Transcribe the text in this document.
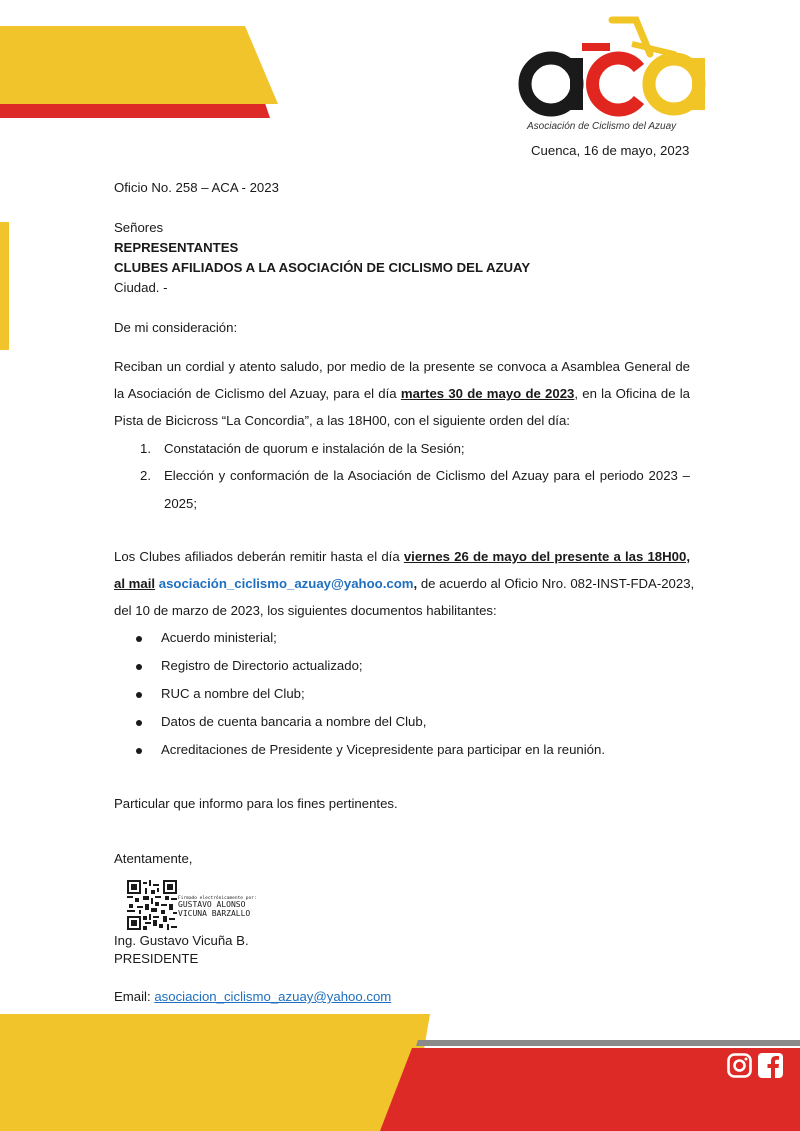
Asociación de Ciclismo del Azuay
Cuenca, 16 de mayo, 2023
Oficio No. 258 – ACA - 2023
Señores
REPRESENTANTES
CLUBES AFILIADOS A LA ASOCIACIÓN DE CICLISMO DEL AZUAY
Ciudad. -
De mi consideración:
Reciban un cordial y atento saludo, por medio de la presente se convoca a Asamblea General de
la Asociación de Ciclismo del Azuay, para el día martes 30 de mayo de 2023, en la Oficina de la
Pista de Bicicross “La Concordia”, a las 18H00, con el siguiente orden del día:
1. Constatación de quorum e instalación de la Sesión;
2. Elección y conformación de la Asociación de Ciclismo del Azuay para el periodo 2023 –
2025;
Los Clubes afiliados deberán remitir hasta el día viernes 26 de mayo del presente a las 18H00,
al mail asociación_ciclismo_azuay@yahoo.com, de acuerdo al Oficio Nro. 082-INST-FDA-2023,
del 10 de marzo de 2023, los siguientes documentos habilitantes:
Acuerdo ministerial;
Registro de Directorio actualizado;
RUC a nombre del Club;
Datos de cuenta bancaria a nombre del Club,
Acreditaciones de Presidente y Vicepresidente para participar en la reunión.
Particular que informo para los fines pertinentes.
Atentamente,
Firmado electrónicamente por:
GUSTAVO ALONSO
VICUNA BARZALLO
Ing. Gustavo Vicuña B.
PRESIDENTE
Email: asociacion_ciclismo_azuay@yahoo.com
